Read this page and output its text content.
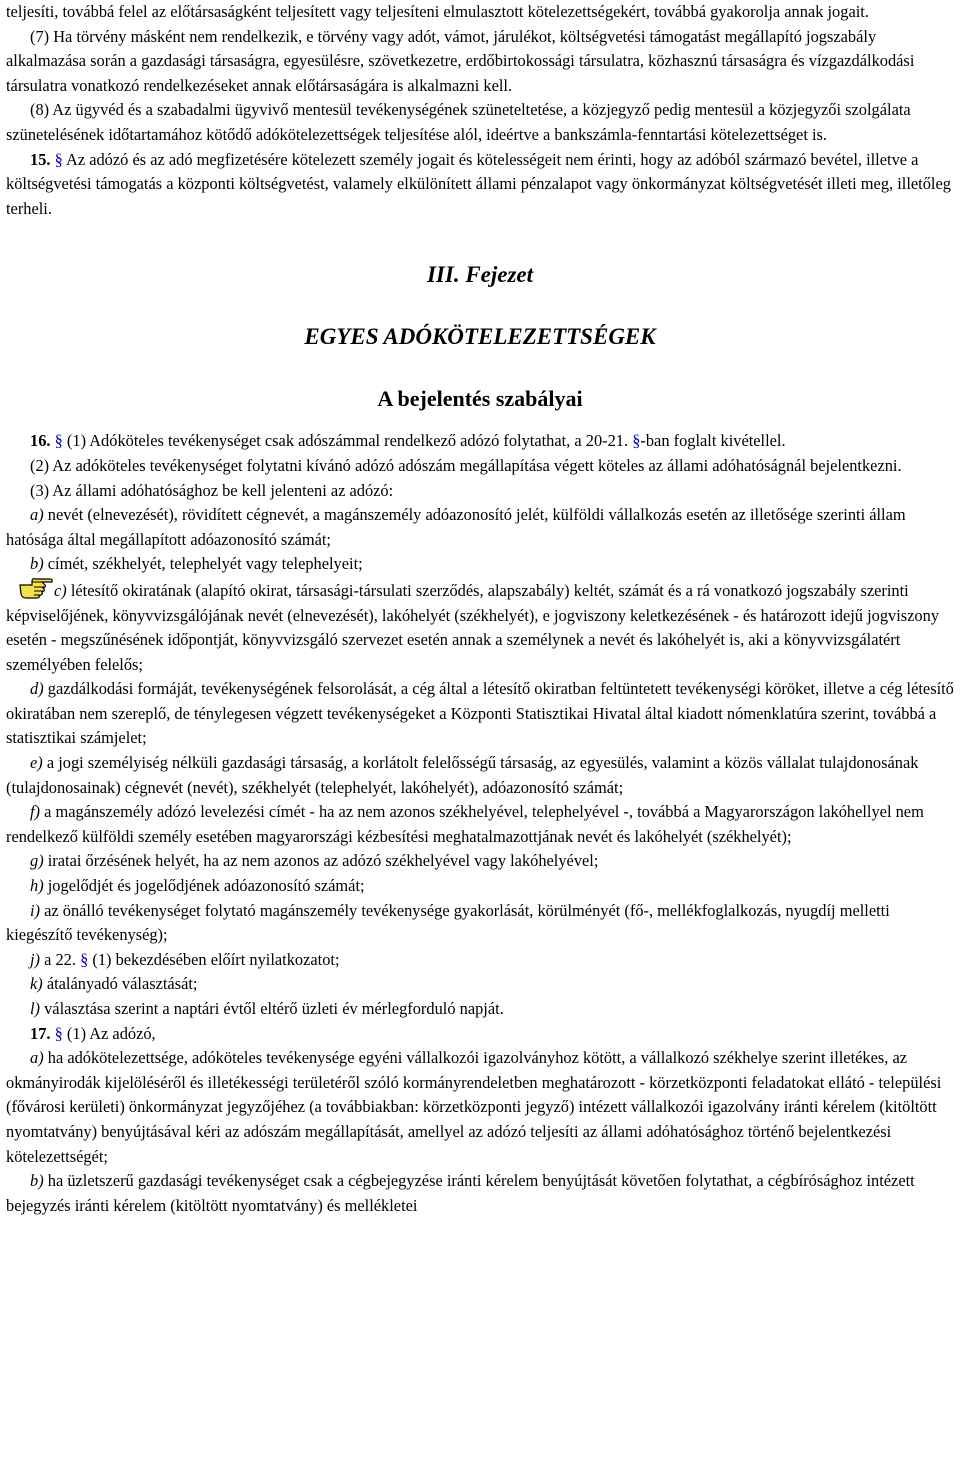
teljesíti, továbbá felel az előtársaságként teljesített vagy teljesíteni elmulasztott kötelezettségekért, továbbá gyakorolja annak jogait.

(7) Ha törvény másként nem rendelkezik, e törvény vagy adót, vámot, járulékot, költségvetési támogatást megállapító jogszabály alkalmazása során a gazdasági társaságra, egyesülésre, szövetkezetre, erdőbirtokossági társulatra, közhasznú társaságra és vízgazdálkodási társulatra vonatkozó rendelkezéseket annak előtársaságára is alkalmazni kell.

(8) Az ügyvéd és a szabadalmi ügyvivő mentesül tevékenységének szüneteltetése, a közjegyző pedig mentesül a közjegyzői szolgálata szünetelésének időtartamához kötődő adókötelezettségek teljesítése alól, ideértve a bankszámla-fenntartási kötelezettséget is.

15. § Az adózó és az adó megfizetésére kötelezett személy jogait és kötelességeit nem érinti, hogy az adóból származó bevétel, illetve a költségvetési támogatás a központi költségvetést, valamely elkülönített állami pénzalapot vagy önkormányzat költségvetését illeti meg, illetőleg terheli.

III. Fejezet
EGYES ADÓKÖTELEZETTSÉGEK
A bejelentés szabályai

16. § (1) Adóköteles tevékenységet csak adószámmal rendelkező adózó folytathat, a 20-21. §-ban foglalt kivétellel.

(2) Az adóköteles tevékenységet folytatni kívánó adózó adószám megállapítása végett köteles az állami adóhatóságnál bejelentkezni.

(3) Az állami adóhatósághoz be kell jelenteni az adózó:

a) nevét (elnevezését), rövidített cégnevét, a magánszemély adóazonosító jelét, külföldi vállalkozás esetén az illetősége szerinti állam hatósága által megállapított adóazonosító számát;

b) címét, székhelyét, telephelyét vagy telephelyeit;

c) létesítő okiratának (alapító okirat, társasági-társulati szerződés, alapszabály) keltét, számát és a rá vonatkozó jogszabály szerinti képviselőjének, könyvvizsgálójának nevét (elnevezését), lakóhelyét (székhelyét), e jogviszony keletkezésének - és határozott idejű jogviszony esetén - megszűnésének időpontját, könyvvizsgáló szervezet esetén annak a személynek a nevét és lakóhelyét is, aki a könyvvizsgálatért személyében felelős;

d) gazdálkodási formáját, tevékenységének felsorolását, a cég által a létesítő okiratban feltüntetett tevékenységi köröket, illetve a cég létesítő okiratában nem szereplő, de ténylegesen végzett tevékenységeket a Központi Statisztikai Hivatal által kiadott nómenklatúra szerint, továbbá a statisztikai számjelet;

e) a jogi személyiség nélküli gazdasági társaság, a korlátolt felelősségű társaság, az egyesülés, valamint a közös vállalat tulajdonosának (tulajdonosainak) cégnevét (nevét), székhelyét (telephelyét, lakóhelyét), adóazonosító számát;

f) a magánszemély adózó levelezési címét - ha az nem azonos székhelyével, telephelyével -, továbbá a Magyarországon lakóhellyel nem rendelkező külföldi személy esetében magyarországi kézbesítési meghatalmazottjának nevét és lakóhelyét (székhelyét);

g) iratai őrzésének helyét, ha az nem azonos az adózó székhelyével vagy lakóhelyével;

h) jogelődjét és jogelődjének adóazonosító számát;

i) az önálló tevékenységet folytató magánszemély tevékenysége gyakorlását, körülményét (fő-, mellékfoglalkozás, nyugdíj melletti kiegészítő tevékenység);

j) a 22. § (1) bekezdésében előírt nyilatkozatot;

k) átalányadó választását;

l) választása szerint a naptári évtől eltérő üzleti év mérlegforduló napját.

17. § (1) Az adózó,

a) ha adókötelezettsége, adóköteles tevékenysége egyéni vállalkozói igazolványhoz kötött, a vállalkozó székhelye szerint illetékes, az okmányirodák kijelöléséről és illetékességi területéről szóló kormányrendeletben meghatározott - körzetközponti feladatokat ellátó - települési (fővárosi kerületi) önkormányzat jegyzőjéhez (a továbbiakban: körzetközponti jegyző) intézett vállalkozói igazolvány iránti kérelem (kitöltött nyomtatvány) benyújtásával kéri az adószám megállapítását, amellyel az adózó teljesíti az állami adóhatósághoz történő bejelentkezési kötelezettségét;

b) ha üzletszerű gazdasági tevékenységet csak a cégbejegyzése iránti kérelem benyújtását követően folytathat, a cégbírósághoz intézett bejegyzés iránti kérelem (kitöltött nyomtatvány) és mellékletei
